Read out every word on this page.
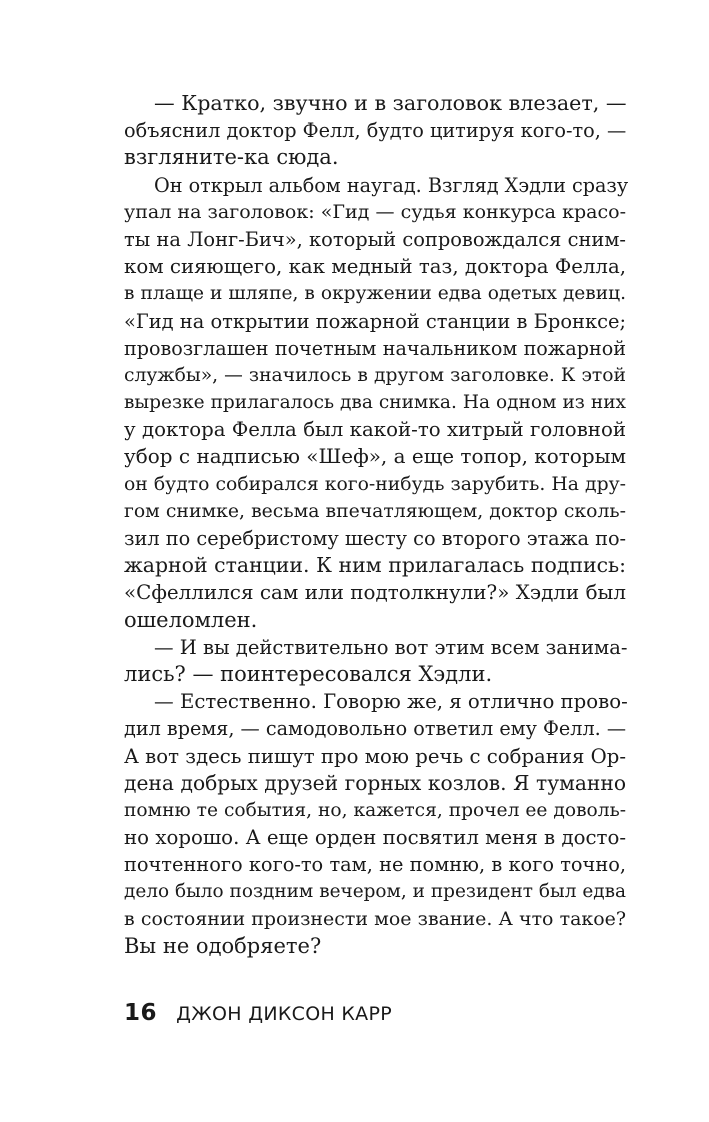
— Кратко, звучно и в заголовок влезает, —
объяснил доктор Фелл, будто цитируя кого-то, —
взгляните-ка сюда.
Он открыл альбом наугад. Взгляд Хэдли сразу
упал на заголовок: «Гид — судья конкурса красо-
ты на Лонг-Бич», который сопровождался сним-
ком сияющего, как медный таз, доктора Фелла,
в плаще и шляпе, в окружении едва одетых девиц.
«Гид на открытии пожарной станции в Бронксе;
провозглашен почетным начальником пожарной
службы», — значилось в другом заголовке. К этой
вырезке прилагалось два снимка. На одном из них
у доктора Фелла был какой-то хитрый головной
убор с надписью «Шеф», а еще топор, которым
он будто собирался кого-нибудь зарубить. На дру-
гом снимке, весьма впечатляющем, доктор сколь-
зил по серебристому шесту со второго этажа по-
жарной станции. К ним прилагалась подпись:
«Сфеллился сам или подтолкнули?» Хэдли был
ошеломлен.
— И вы действительно вот этим всем занима-
лись? — поинтересовался Хэдли.
— Естественно. Говорю же, я отлично прово-
дил время, — самодовольно ответил ему Фелл. —
А вот здесь пишут про мою речь с собрания Ор-
дена добрых друзей горных козлов. Я туманно
помню те события, но, кажется, прочел ее доволь-
но хорошо. А еще орден посвятил меня в досто-
почтенного кого-то там, не помню, в кого точно,
дело было поздним вечером, и президент был едва
в состоянии произнести мое звание. А что такое?
Вы не одобряете?
16 ДЖОН ДИКСОН КАРР
